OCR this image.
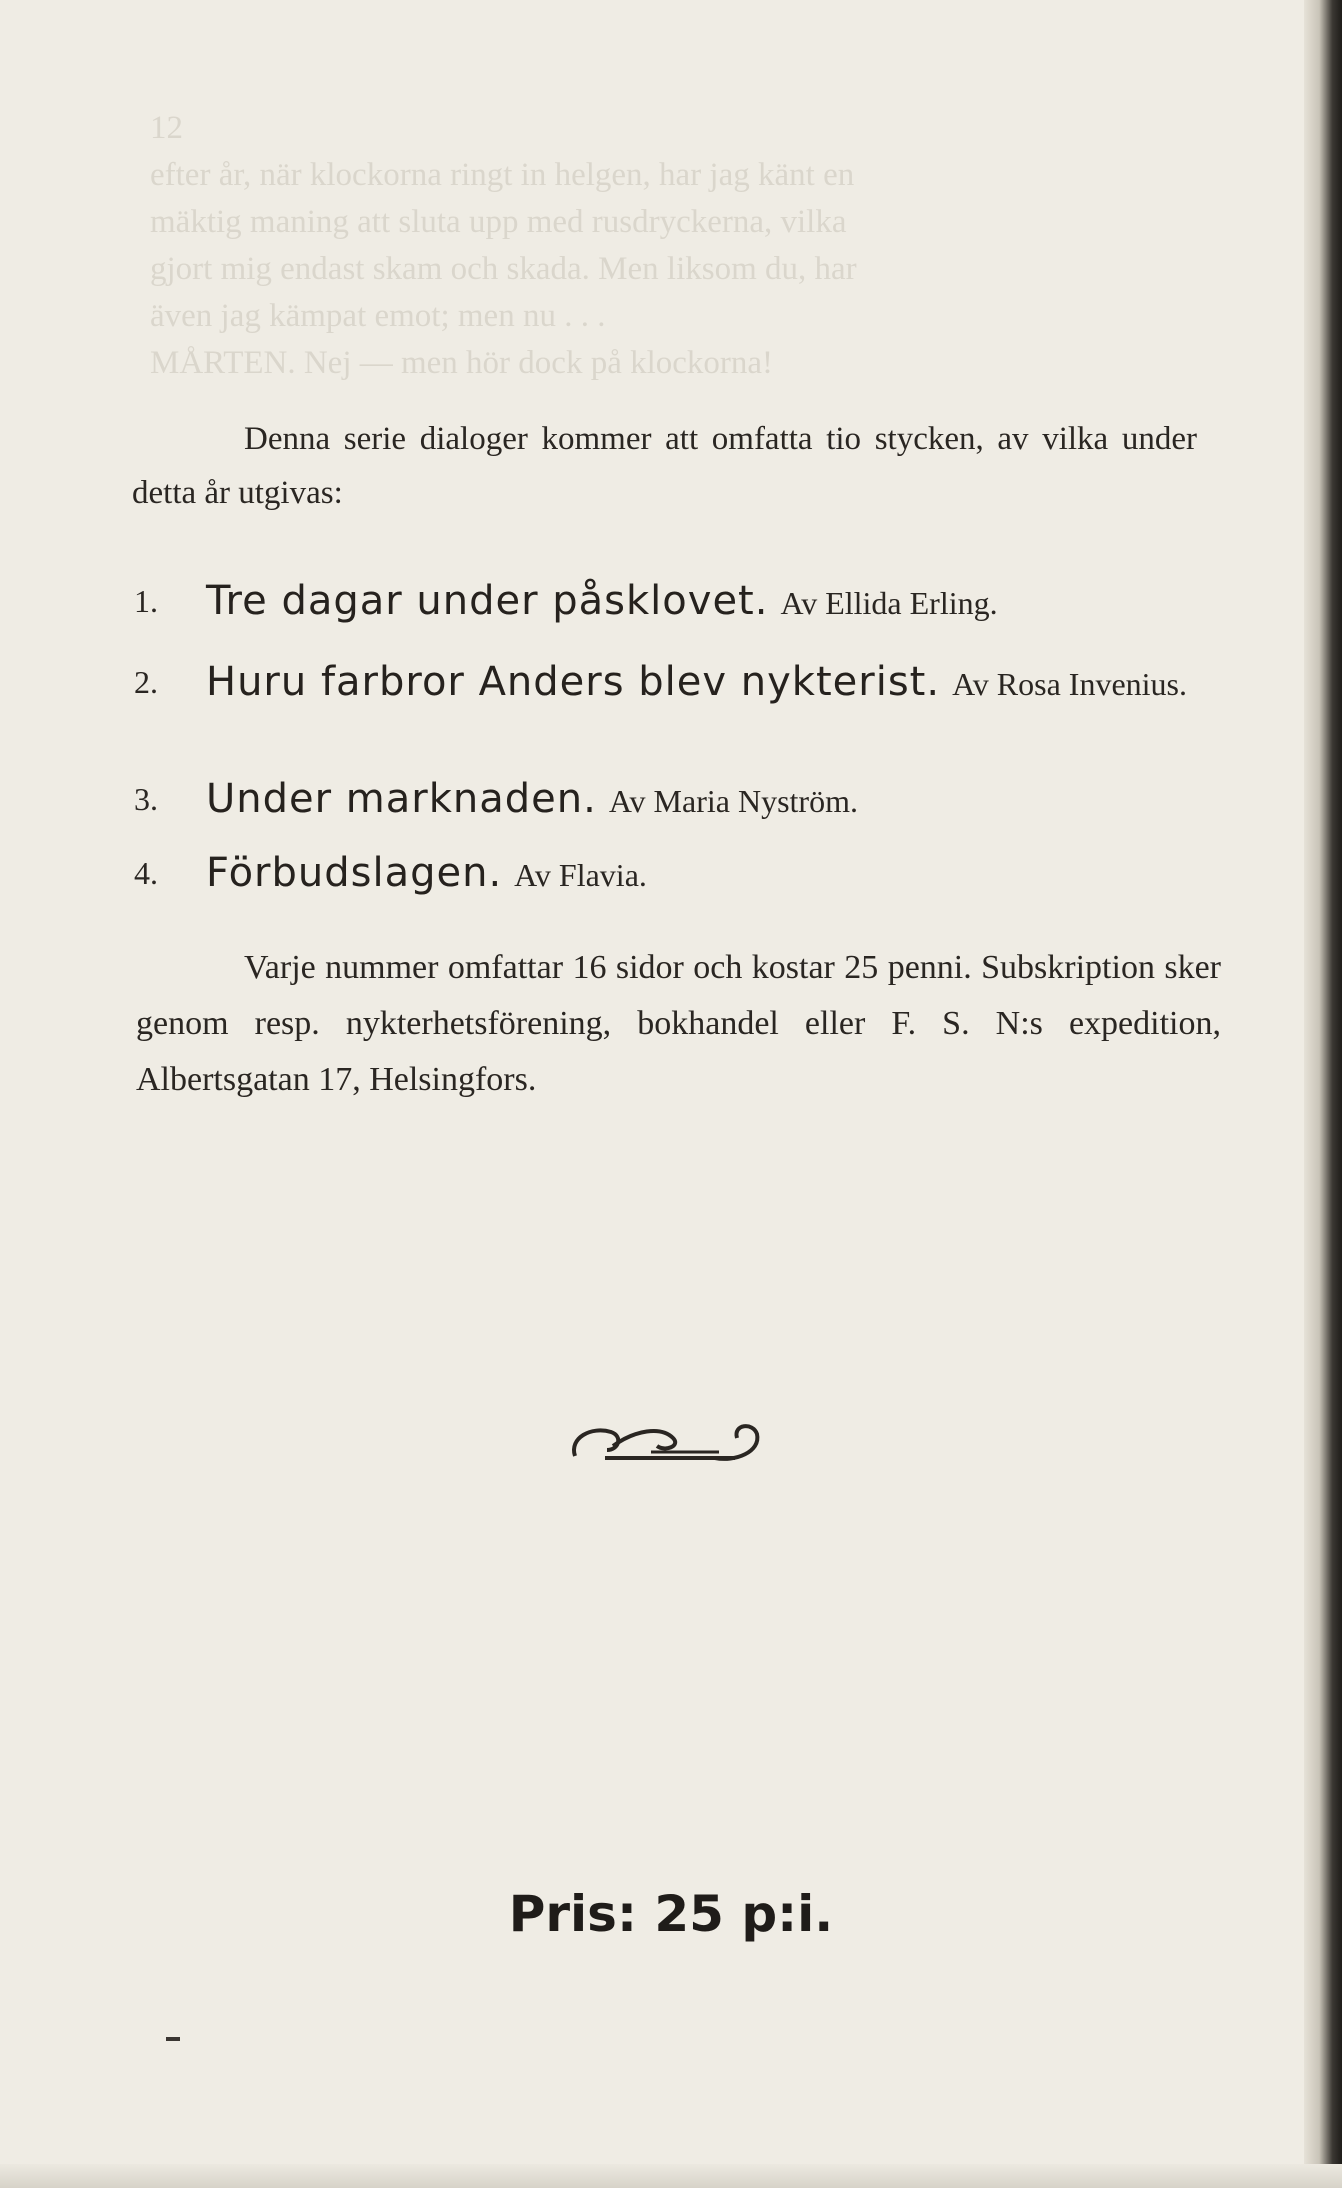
12
efter år, när klockorna ringt in helgen, har jag känt en
mäktig maning att sluta upp med rusdryckerna, vilka
gjort mig endast skam och skada. Men liksom du, har
även jag kämpat emot; men nu . . .
MÅRTEN. Nej — men hör dock på klockorna!
Denna serie dialoger kommer att omfatta tio stycken, av vilka under detta år utgivas:
1. Tre dagar under påsklovet. Av Ellida Erling.
2. Huru farbror Anders blev nykterist. Av Rosa Invenius.
3. Under marknaden. Av Maria Nyström.
4. Förbudslagen. Av Flavia.
Varje nummer omfattar 16 sidor och kostar 25 penni. Subskription sker genom resp. nykterhetsförening, bokhandel eller F. S. N:s expedition, Albertsgatan 17, Helsingfors.
Pris: 25 p:i.
